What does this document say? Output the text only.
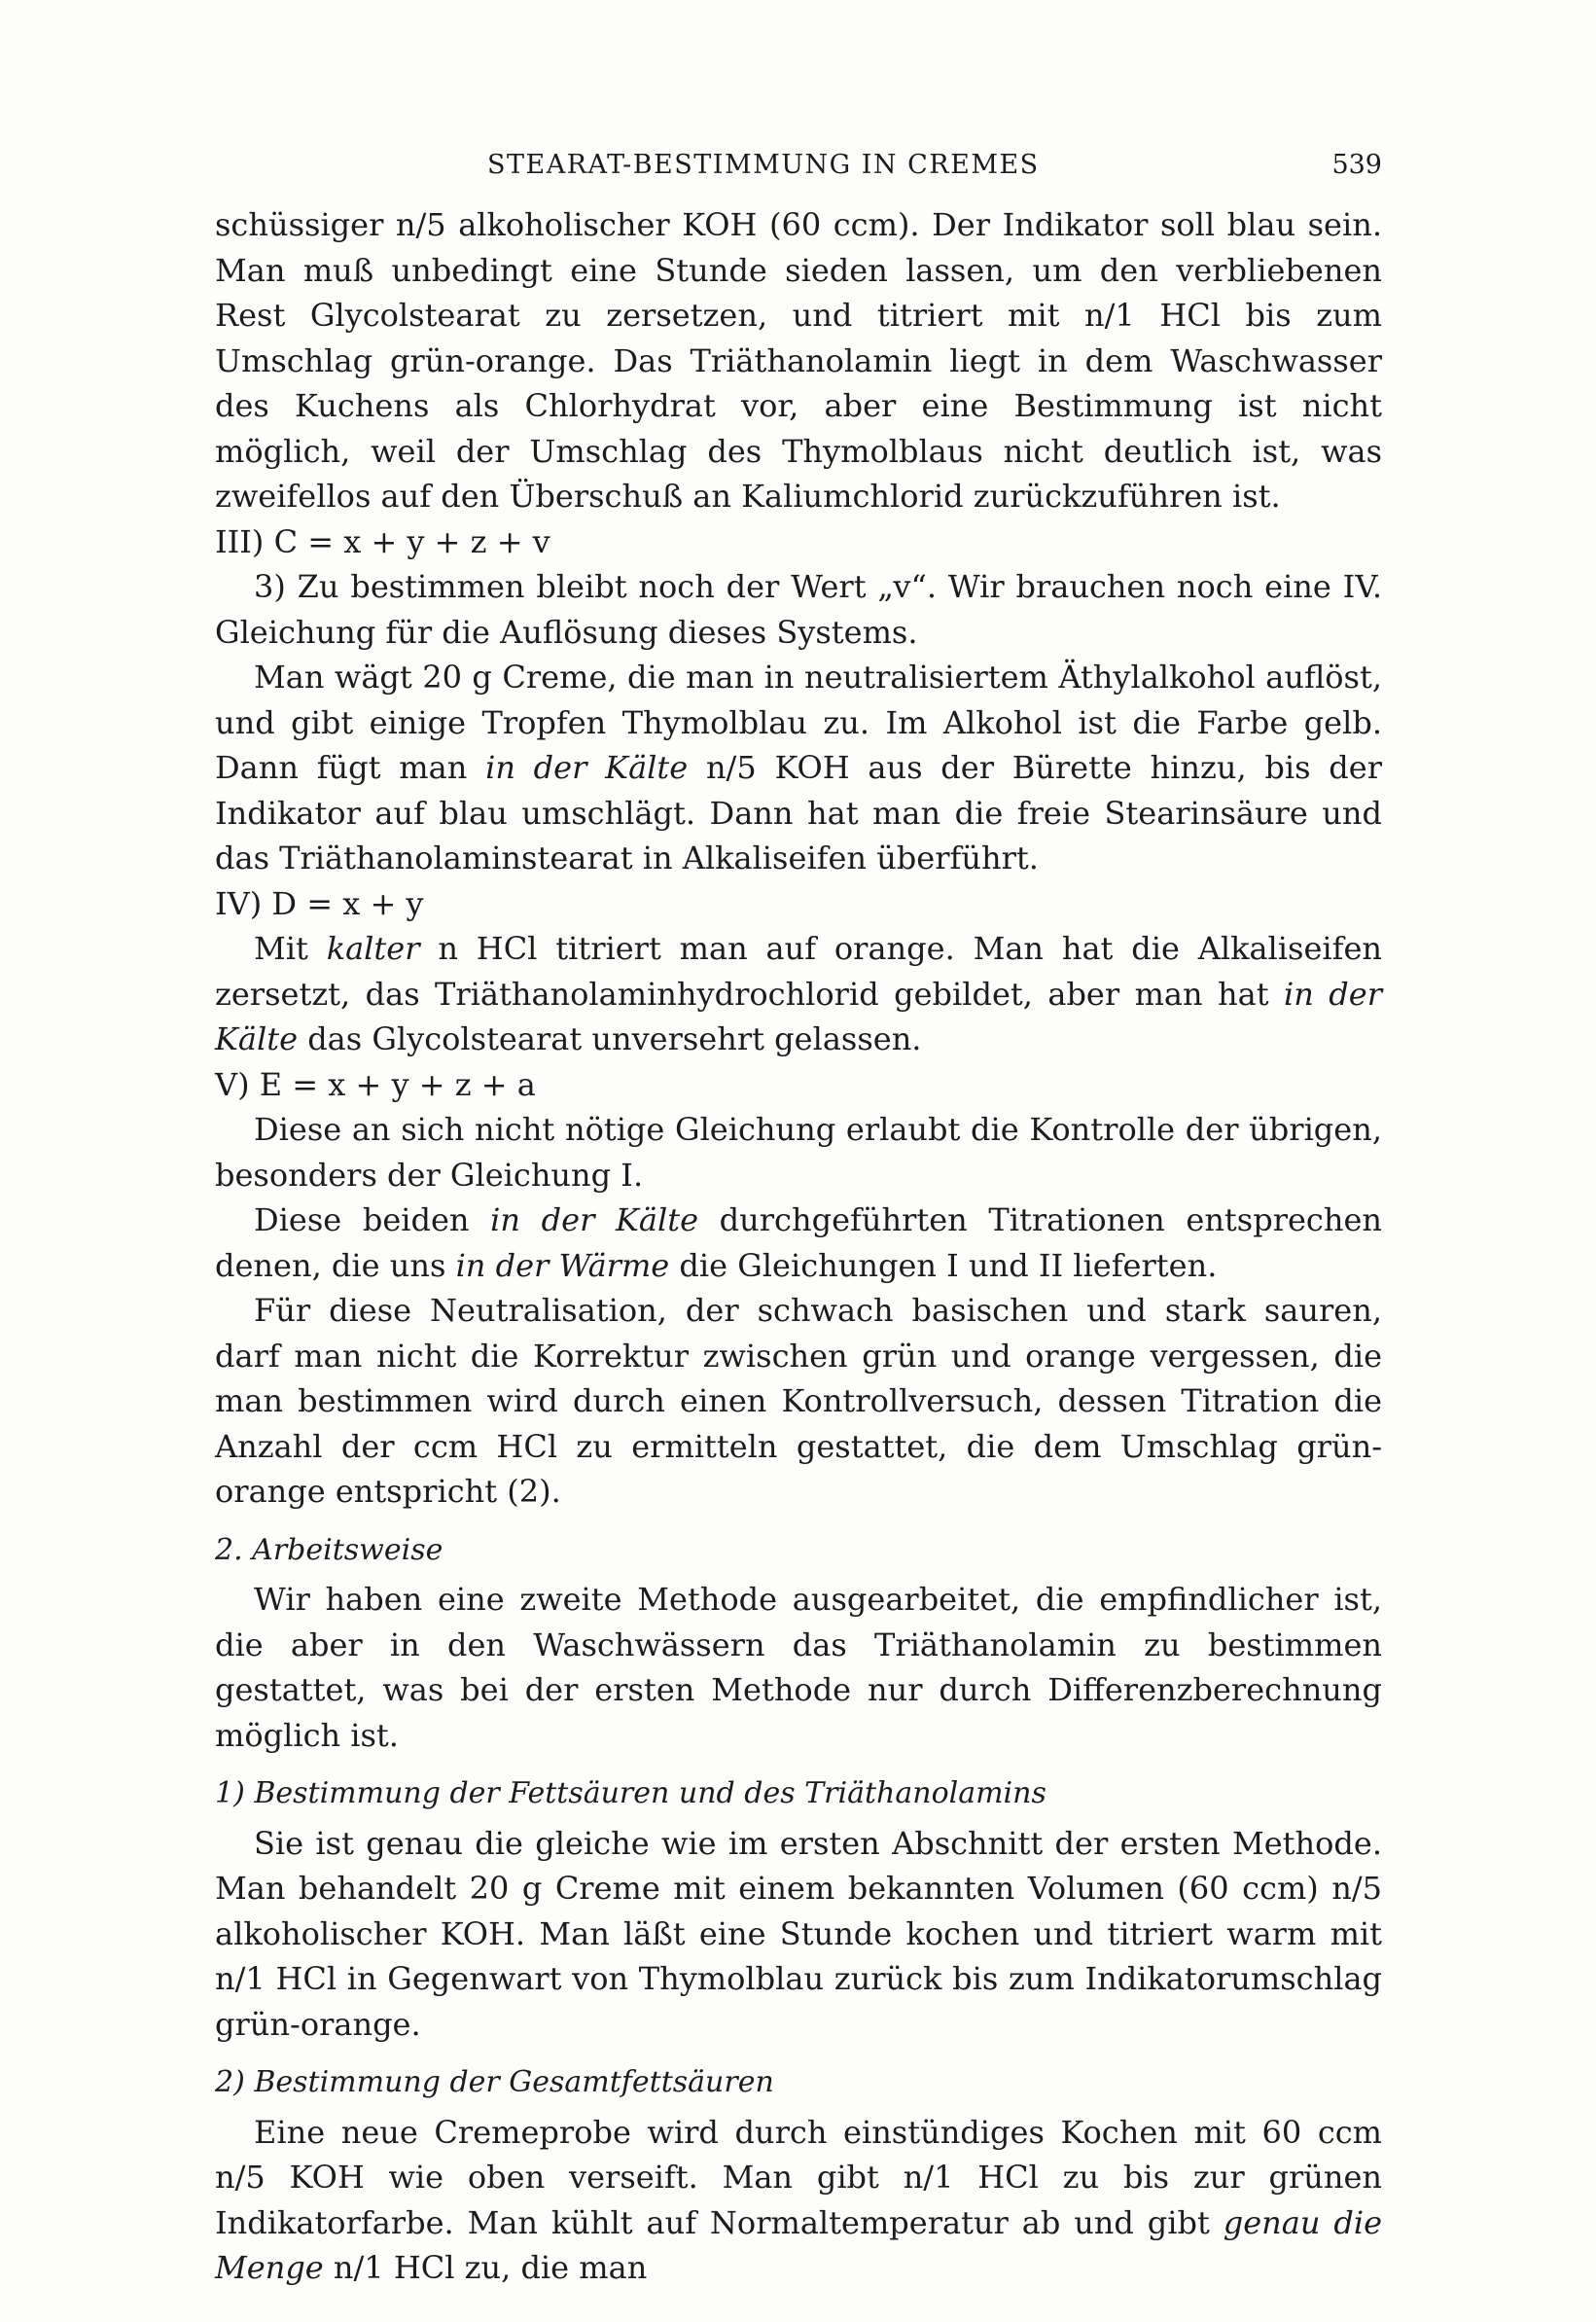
STEARAT-BESTIMMUNG IN CREMES	539

schüssiger n/5 alkoholischer KOH (60 ccm). Der Indikator soll blau sein. Man muß unbedingt eine Stunde sieden lassen, um den verbliebenen Rest Glycolstearat zu zersetzen, und titriert mit n/1 HCl bis zum Umschlag grün-orange. Das Triäthanolamin liegt in dem Waschwasser des Kuchens als Chlorhydrat vor, aber eine Bestimmung ist nicht möglich, weil der Umschlag des Thymolblaus nicht deutlich ist, was zweifellos auf den Überschuß an Kaliumchlorid zurückzuführen ist.

III) C = x + y + z + v

3) Zu bestimmen bleibt noch der Wert „v“. Wir brauchen noch eine IV. Gleichung für die Auflösung dieses Systems.

Man wägt 20 g Creme, die man in neutralisiertem Äthylalkohol auflöst, und gibt einige Tropfen Thymolblau zu. Im Alkohol ist die Farbe gelb. Dann fügt man in der Kälte n/5 KOH aus der Bürette hinzu, bis der Indikator auf blau umschlägt. Dann hat man die freie Stearinsäure und das Triäthanolaminstearat in Alkaliseifen überführt.

IV) D = x + y

Mit kalter n HCl titriert man auf orange. Man hat die Alkaliseifen zersetzt, das Triäthanolaminhydrochlorid gebildet, aber man hat in der Kälte das Glycolstearat unversehrt gelassen.

V) E = x + y + z + a

Diese an sich nicht nötige Gleichung erlaubt die Kontrolle der übrigen, besonders der Gleichung I.

Diese beiden in der Kälte durchgeführten Titrationen entsprechen denen, die uns in der Wärme die Gleichungen I und II lieferten.

Für diese Neutralisation, der schwach basischen und stark sauren, darf man nicht die Korrektur zwischen grün und orange vergessen, die man bestimmen wird durch einen Kontrollversuch, dessen Titration die Anzahl der ccm HCl zu ermitteln gestattet, die dem Umschlag grün-orange entspricht (2).

2. Arbeitsweise

Wir haben eine zweite Methode ausgearbeitet, die empfindlicher ist, die aber in den Waschwässern das Triäthanolamin zu bestimmen gestattet, was bei der ersten Methode nur durch Differenzberechnung möglich ist.

1) Bestimmung der Fettsäuren und des Triäthanolamins

Sie ist genau die gleiche wie im ersten Abschnitt der ersten Methode. Man behandelt 20 g Creme mit einem bekannten Volumen (60 ccm) n/5 alkoholischer KOH. Man läßt eine Stunde kochen und titriert warm mit n/1 HCl in Gegenwart von Thymolblau zurück bis zum Indikatorumschlag grün-orange.

2) Bestimmung der Gesamtfettsäuren

Eine neue Cremeprobe wird durch einstündiges Kochen mit 60 ccm n/5 KOH wie oben verseift. Man gibt n/1 HCl zu bis zur grünen Indikatorfarbe. Man kühlt auf Normaltemperatur ab und gibt genau die Menge n/1 HCl zu, die man
